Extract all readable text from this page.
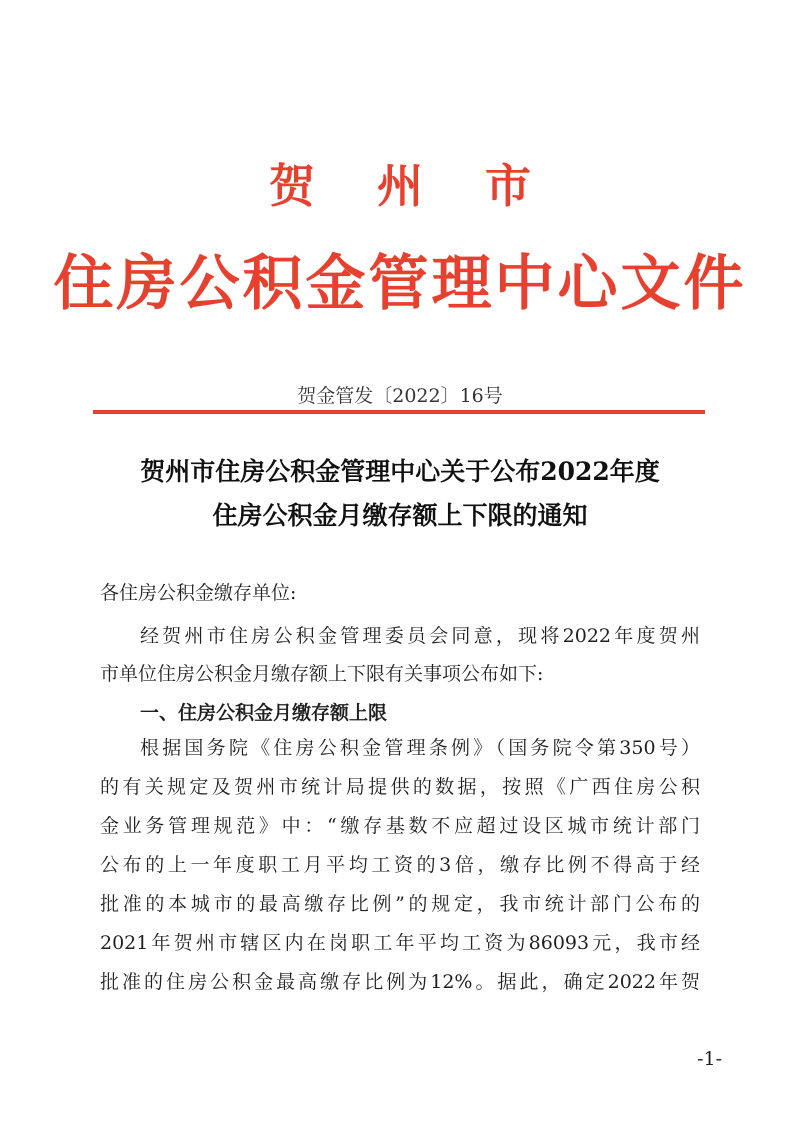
贺州市
住房公积金管理中心文件

贺金管发〔2022〕16号

贺州市住房公积金管理中心关于公布2022年度
住房公积金月缴存额上下限的通知

各住房公积金缴存单位:

经贺州市住房公积金管理委员会同意，现将2022年度贺州

市单位住房公积金月缴存额上下限有关事项公布如下:

一、住房公积金月缴存额上限

根据国务院《住房公积金管理条例》（国务院令第350号）

的有关规定及贺州市统计局提供的数据，按照《广西住房公积

金业务管理规范》中：“缴存基数不应超过设区城市统计部门

公布的上一年度职工月平均工资的3倍，缴存比例不得高于经

批准的本城市的最高缴存比例”的规定，我市统计部门公布的

2021年贺州市辖区内在岗职工年平均工资为86093元，我市经

批准的住房公积金最高缴存比例为12%。据此，确定2022年贺

-1-
